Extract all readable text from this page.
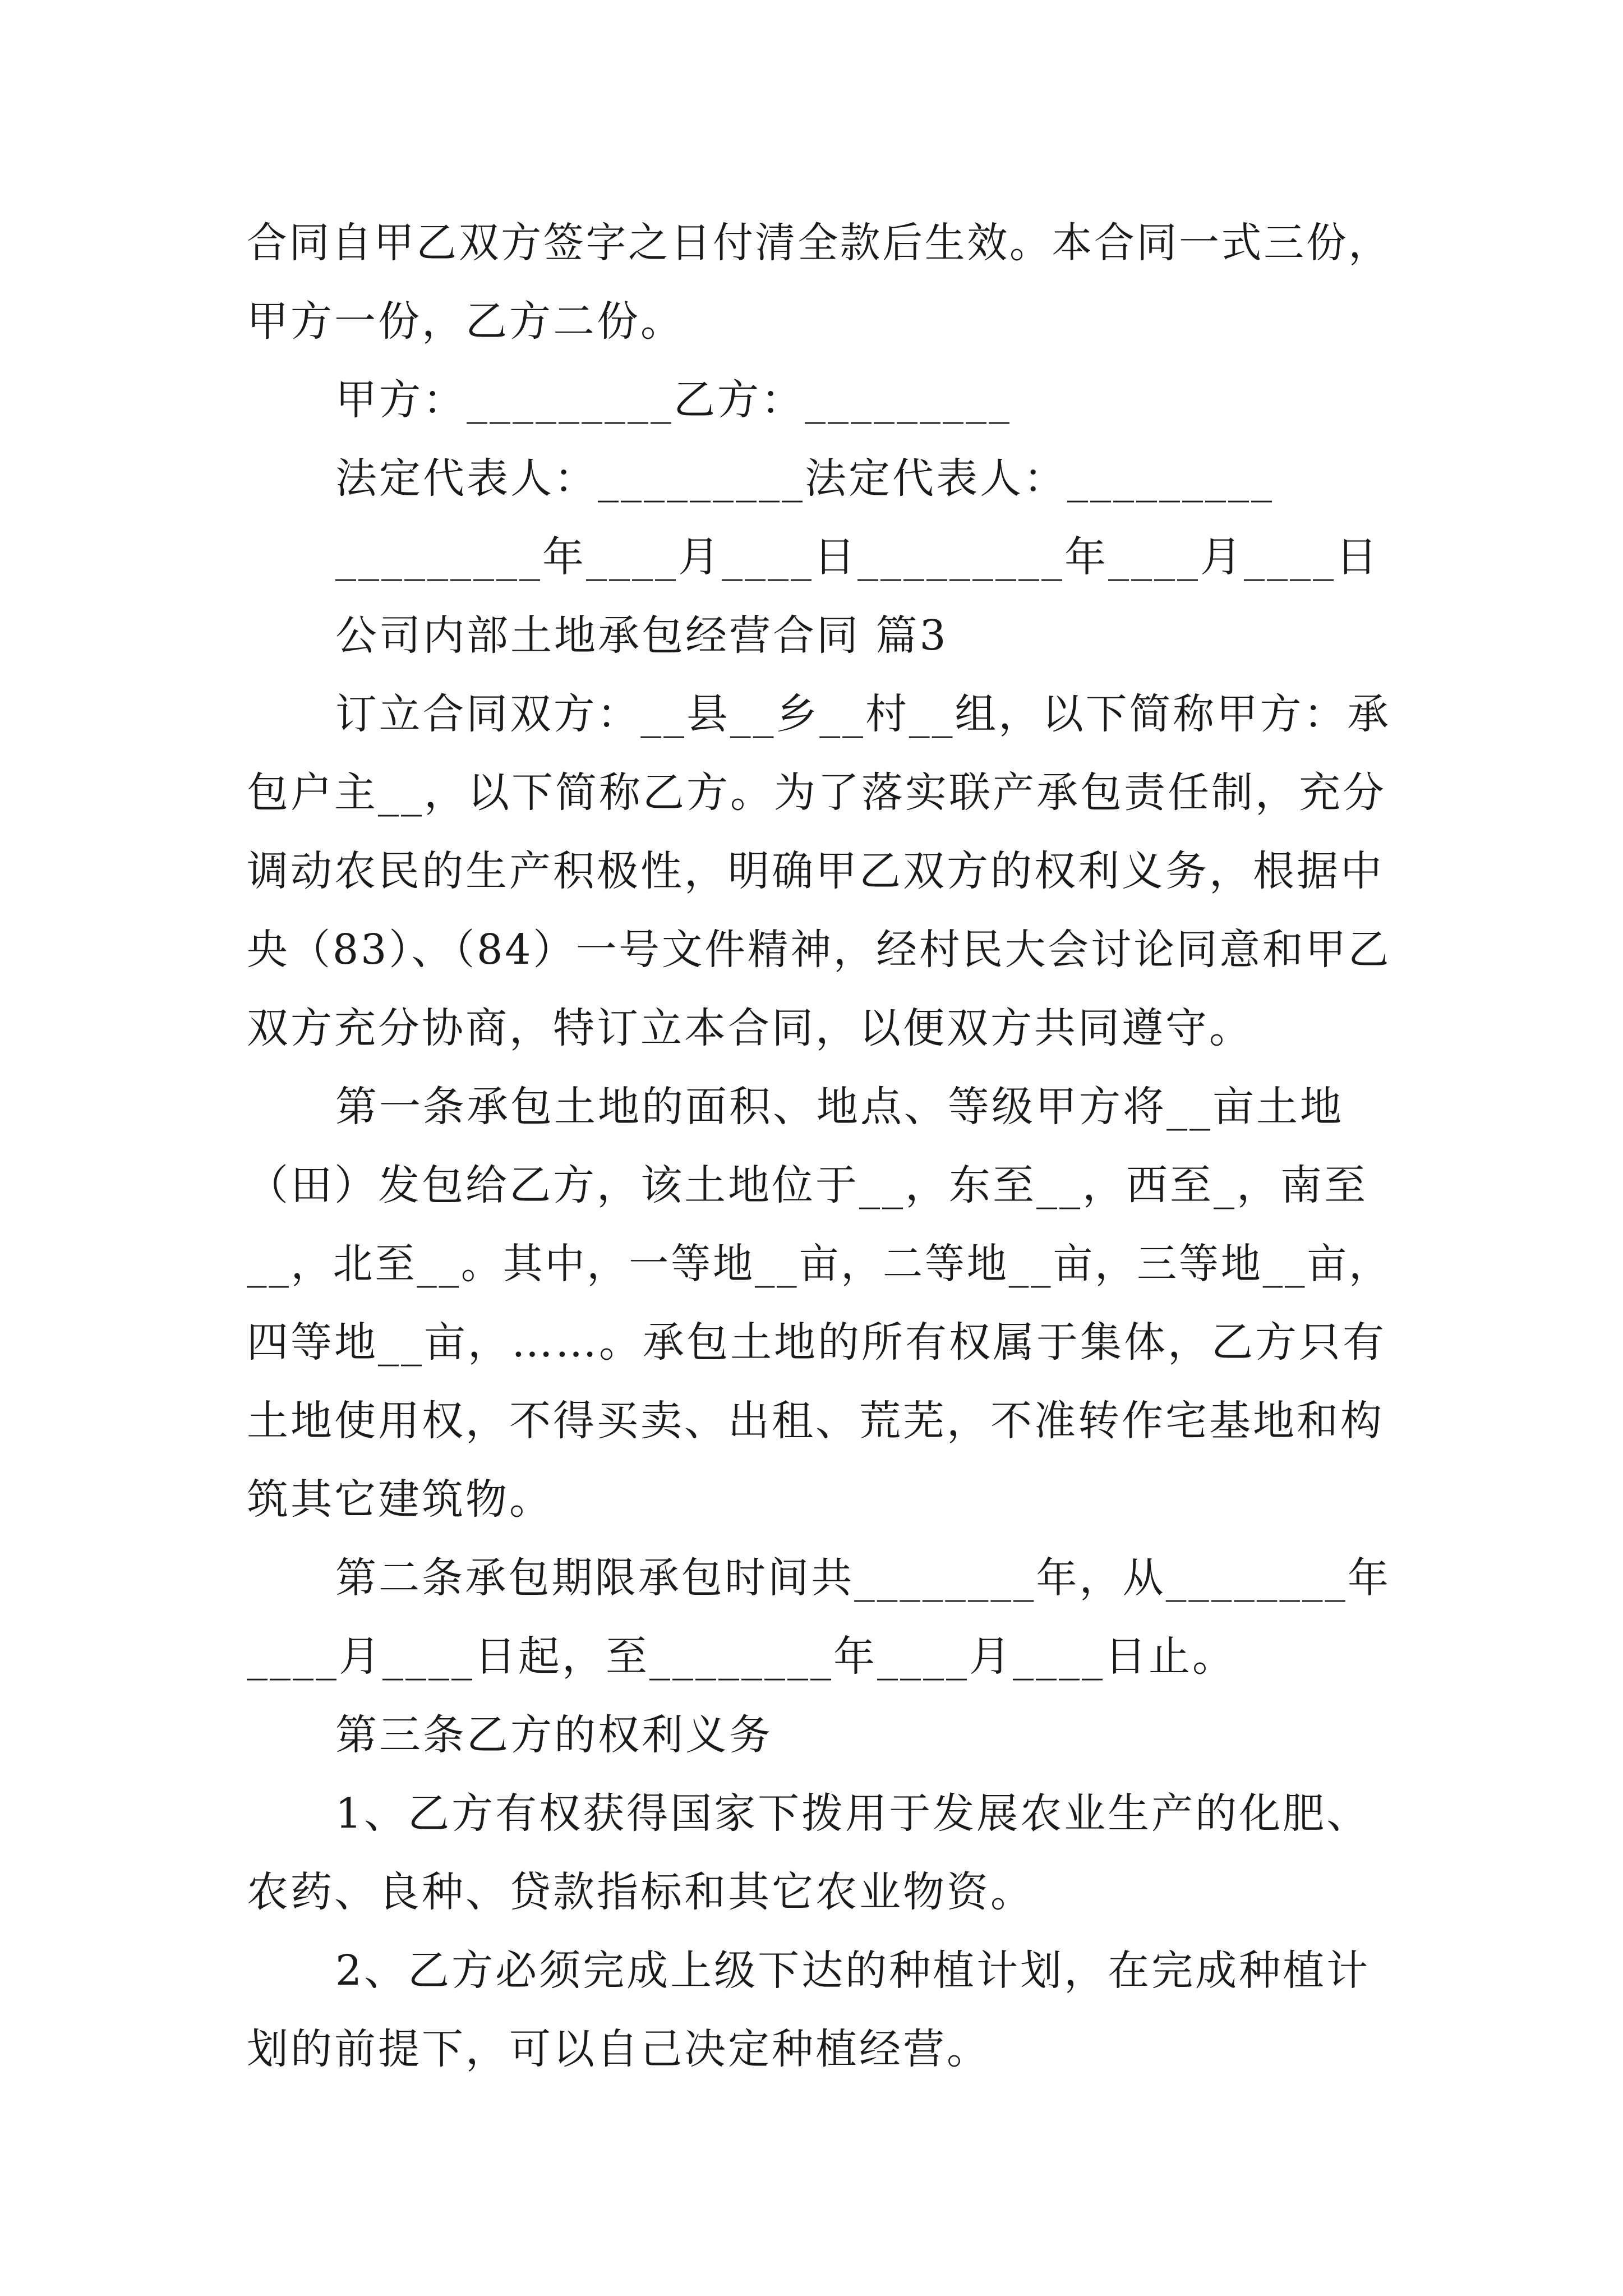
合同自甲乙双方签字之日付清全款后生效。本合同一式三份，
甲方一份，乙方二份。
甲方：_________乙方：_________
法定代表人：_________法定代表人：_________
_________年____月____日_________年____月____日
公司内部土地承包经营合同 篇3
订立合同双方：__县__乡__村__组，以下简称甲方：承
包户主__，以下简称乙方。为了落实联产承包责任制，充分
调动农民的生产积极性，明确甲乙双方的权利义务，根据中
央（83）、（84）一号文件精神，经村民大会讨论同意和甲乙
双方充分协商，特订立本合同，以便双方共同遵守。
第一条承包土地的面积、地点、等级甲方将__亩土地
（田）发包给乙方，该土地位于__，东至__，西至_，南至
__，北至__。其中，一等地__亩，二等地__亩，三等地__亩，
四等地__亩，……。承包土地的所有权属于集体，乙方只有
土地使用权，不得买卖、出租、荒芜，不准转作宅基地和构
筑其它建筑物。
第二条承包期限承包时间共________年，从________年
____月____日起，至________年____月____日止。
第三条乙方的权利义务
1、乙方有权获得国家下拨用于发展农业生产的化肥、
农药、良种、贷款指标和其它农业物资。
2、乙方必须完成上级下达的种植计划，在完成种植计
划的前提下，可以自己决定种植经营。
